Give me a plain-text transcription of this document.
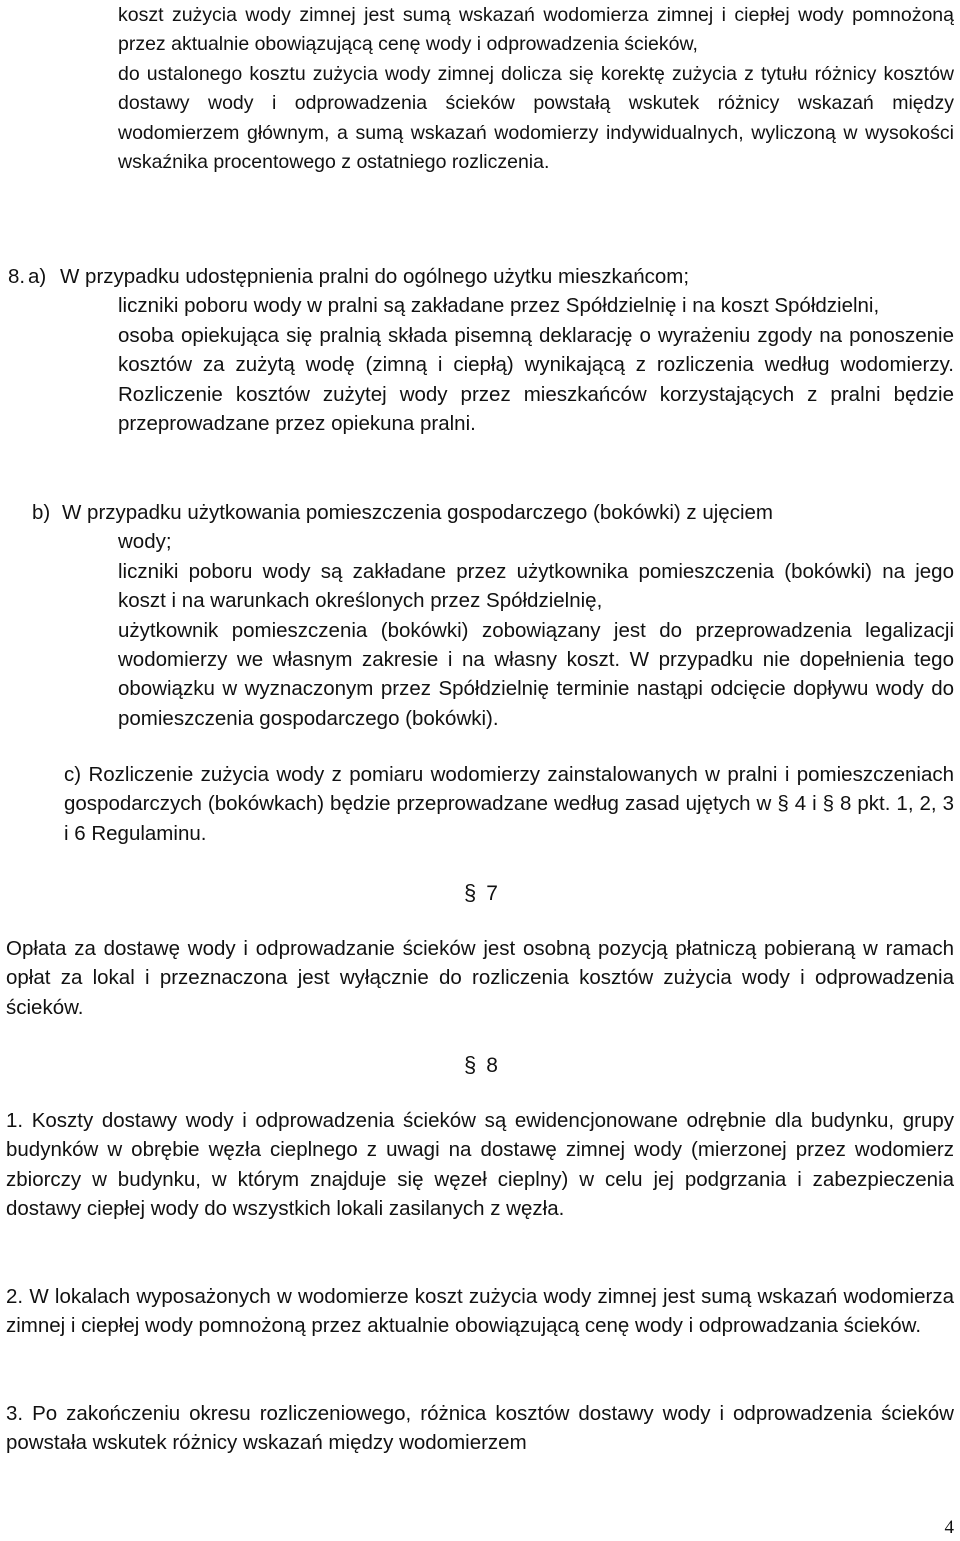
koszt zużycia wody zimnej jest sumą wskazań wodomierza zimnej i ciepłej wody pomnożoną przez aktualnie obowiązującą cenę wody i odprowadzenia ścieków,

do ustalonego kosztu zużycia wody zimnej dolicza się korektę zużycia z tytułu różnicy kosztów dostawy wody i odprowadzenia ścieków powstałą wskutek różnicy wskazań między wodomierzem głównym, a sumą wskazań wodomierzy indywidualnych, wyliczoną w wysokości wskaźnika procentowego z ostatniego rozliczenia.

8. a) W przypadku udostępnienia pralni do ogólnego użytku mieszkańcom;

liczniki poboru wody w pralni są zakładane przez Spółdzielnię i na koszt Spółdzielni,

osoba opiekująca się pralnią składa pisemną deklarację o wyrażeniu zgody na ponoszenie kosztów za zużytą wodę (zimną i ciepłą) wynikającą z rozliczenia według wodomierzy. Rozliczenie kosztów zużytej wody przez mieszkańców korzystających z pralni będzie przeprowadzane przez opiekuna pralni.

b) W przypadku użytkowania pomieszczenia gospodarczego (bokówki) z ujęciem

wody;

liczniki poboru wody są zakładane przez użytkownika pomieszczenia (bokówki) na jego koszt i na warunkach określonych przez Spółdzielnię,

użytkownik pomieszczenia (bokówki) zobowiązany jest do przeprowadzenia legalizacji wodomierzy we własnym zakresie i na własny koszt. W przypadku nie dopełnienia tego obowiązku w wyznaczonym przez Spółdzielnię terminie nastąpi odcięcie dopływu wody do pomieszczenia gospodarczego (bokówki).

c) Rozliczenie zużycia wody z pomiaru wodomierzy zainstalowanych w pralni i pomieszczeniach gospodarczych (bokówkach) będzie przeprowadzane według zasad ujętych w § 4 i § 8 pkt. 1, 2, 3 i 6 Regulaminu.

§ 7

Opłata za dostawę wody i odprowadzanie ścieków jest osobną pozycją płatniczą pobieraną w ramach opłat za lokal i przeznaczona jest wyłącznie do rozliczenia kosztów zużycia wody i odprowadzenia ścieków.

§ 8

1. Koszty dostawy wody i odprowadzenia ścieków są ewidencjonowane odrębnie dla budynku, grupy budynków w obrębie węzła cieplnego z uwagi na dostawę zimnej wody (mierzonej przez wodomierz zbiorczy w budynku, w którym znajduje się węzeł cieplny) w celu jej podgrzania i zabezpieczenia dostawy ciepłej wody do wszystkich lokali zasilanych z węzła.

2. W lokalach wyposażonych w wodomierze koszt zużycia wody zimnej jest sumą wskazań wodomierza zimnej i ciepłej wody pomnożoną przez aktualnie obowiązującą cenę wody i odprowadzania ścieków.

3. Po zakończeniu okresu rozliczeniowego, różnica kosztów dostawy wody i odprowadzenia ścieków powstała wskutek różnicy wskazań między wodomierzem

4
